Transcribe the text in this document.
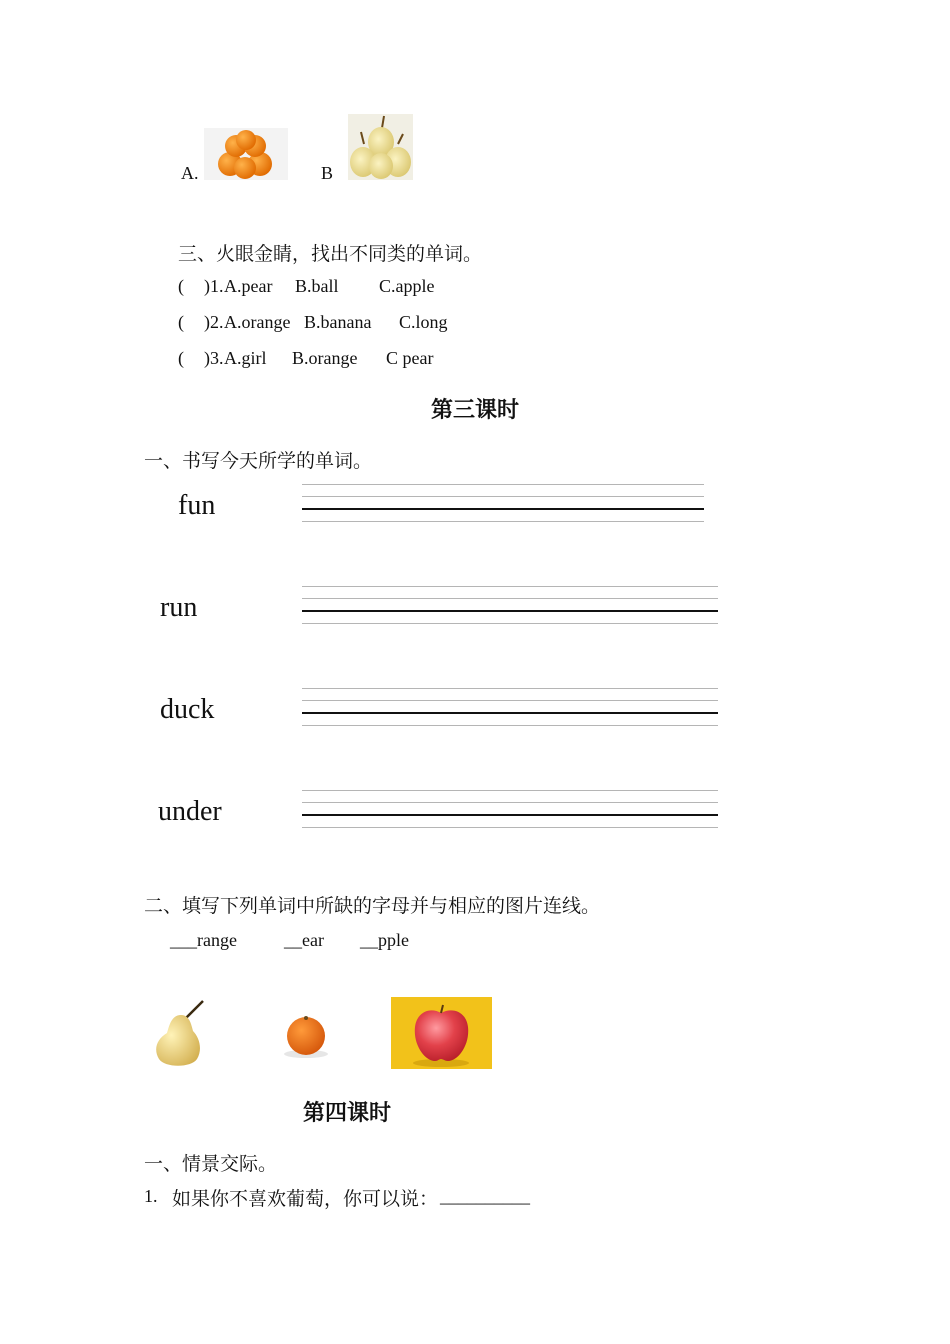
A.	B
三、火眼金睛，找出不同类的单词。
( )1. A.pear B.ball C.apple
( )2. A.orange B.banana C.long
( )3. A.girl B.orange C pear
第三课时
一、书写今天所学的单词。
fun
run
duck
under
二、填写下列单词中所缺的字母并与相应的图片连线。
___range	__ear __pple
第四课时
一、情景交际。
1. 如果你不喜欢葡萄，你可以说： __________
